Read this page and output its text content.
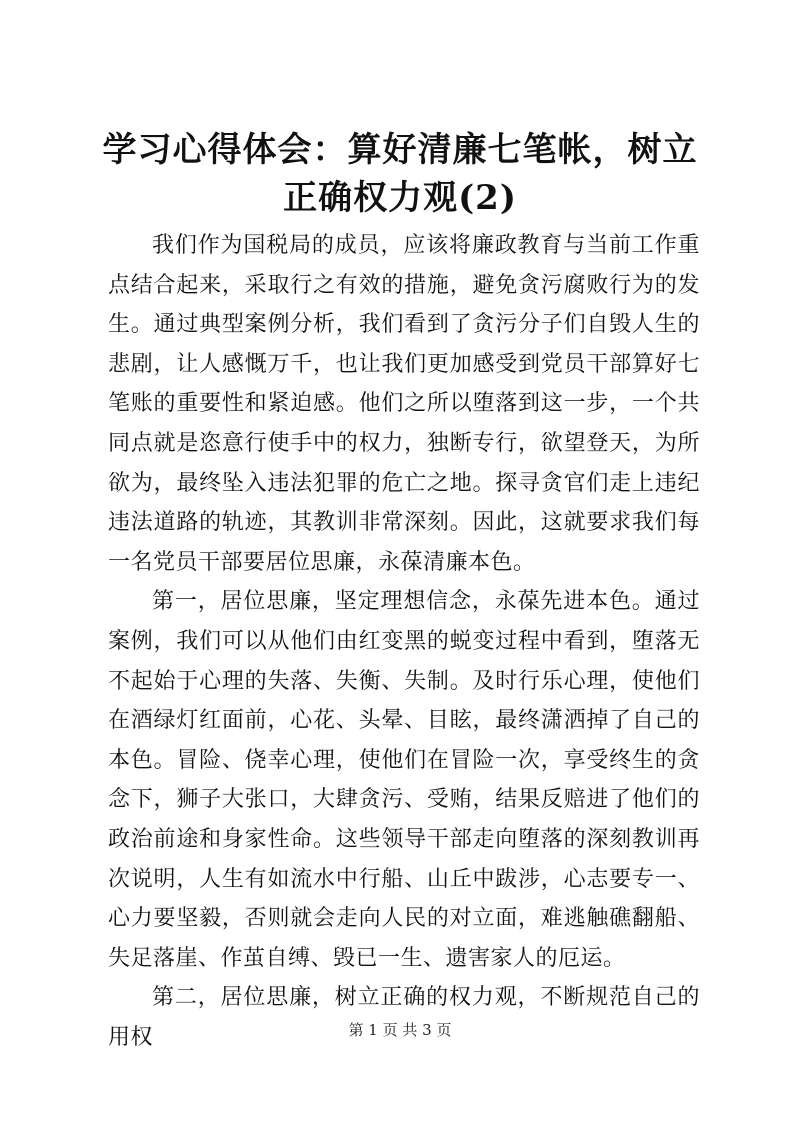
学习心得体会：算好清廉七笔帐，树立正确权力观(2)

我们作为国税局的成员，应该将廉政教育与当前工作重点结合起来，采取行之有效的措施，避免贪污腐败行为的发生。通过典型案例分析，我们看到了贪污分子们自毁人生的悲剧，让人感慨万千，也让我们更加感受到党员干部算好七笔账的重要性和紧迫感。他们之所以堕落到这一步，一个共同点就是恣意行使手中的权力，独断专行，欲望登天，为所欲为，最终坠入违法犯罪的危亡之地。探寻贪官们走上违纪违法道路的轨迹，其教训非常深刻。因此，这就要求我们每一名党员干部要居位思廉，永葆清廉本色。

第一，居位思廉，坚定理想信念，永葆先进本色。通过案例，我们可以从他们由红变黑的蜕变过程中看到，堕落无不起始于心理的失落、失衡、失制。及时行乐心理，使他们在酒绿灯红面前，心花、头晕、目眩，最终潇洒掉了自己的本色。冒险、侥幸心理，使他们在冒险一次，享受终生的贪念下，狮子大张口，大肆贪污、受贿，结果反赔进了他们的政治前途和身家性命。这些领导干部走向堕落的深刻教训再次说明，人生有如流水中行船、山丘中跋涉，心志要专一、心力要坚毅，否则就会走向人民的对立面，难逃触礁翻船、失足落崖、作茧自缚、毁已一生、遗害家人的厄运。

第二，居位思廉，树立正确的权力观，不断规范自己的用权	第 1 页 共 3 页
